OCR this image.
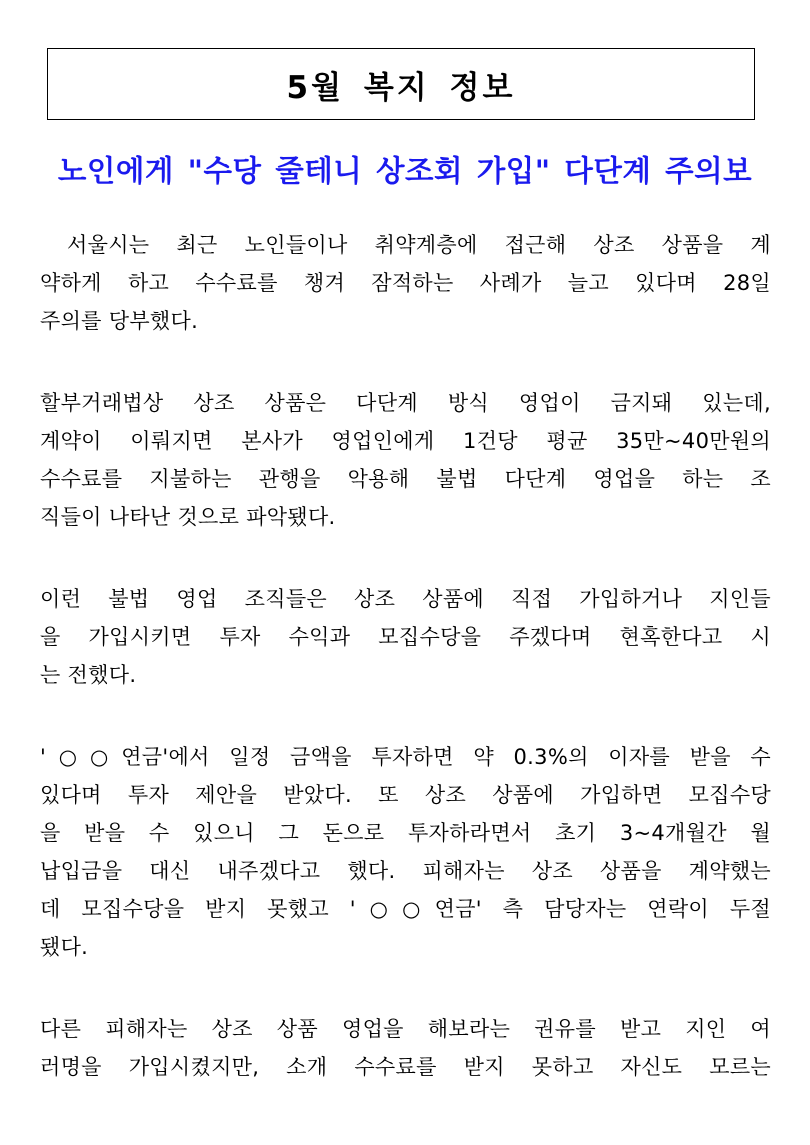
5월 복지 정보
노인에게 "수당 줄테니 상조회 가입" 다단계 주의보

서울시는 최근 노인들이나 취약계층에 접근해 상조 상품을 계
약하게 하고 수수료를 챙겨 잠적하는 사례가 늘고 있다며 28일
주의를 당부했다.

할부거래법상 상조 상품은 다단계 방식 영업이 금지돼 있는데,
계약이 이뤄지면 본사가 영업인에게 1건당 평균 35만~40만원의
수수료를 지불하는 관행을 악용해 불법 다단계 영업을 하는 조
직들이 나타난 것으로 파악됐다.

이런 불법 영업 조직들은 상조 상품에 직접 가입하거나 지인들
을 가입시키면 투자 수익과 모집수당을 주겠다며 현혹한다고 시
는 전했다.

'○○연금'에서 일정 금액을 투자하면 약 0.3%의 이자를 받을 수
있다며 투자 제안을 받았다. 또 상조 상품에 가입하면 모집수당
을 받을 수 있으니 그 돈으로 투자하라면서 초기 3~4개월간 월
납입금을 대신 내주겠다고 했다. 피해자는 상조 상품을 계약했는
데 모집수당을 받지 못했고 '○○연금' 측 담당자는 연락이 두절
됐다.

다른 피해자는 상조 상품 영업을 해보라는 권유를 받고 지인 여
러명을 가입시켰지만, 소개 수수료를 받지 못하고 자신도 모르는
